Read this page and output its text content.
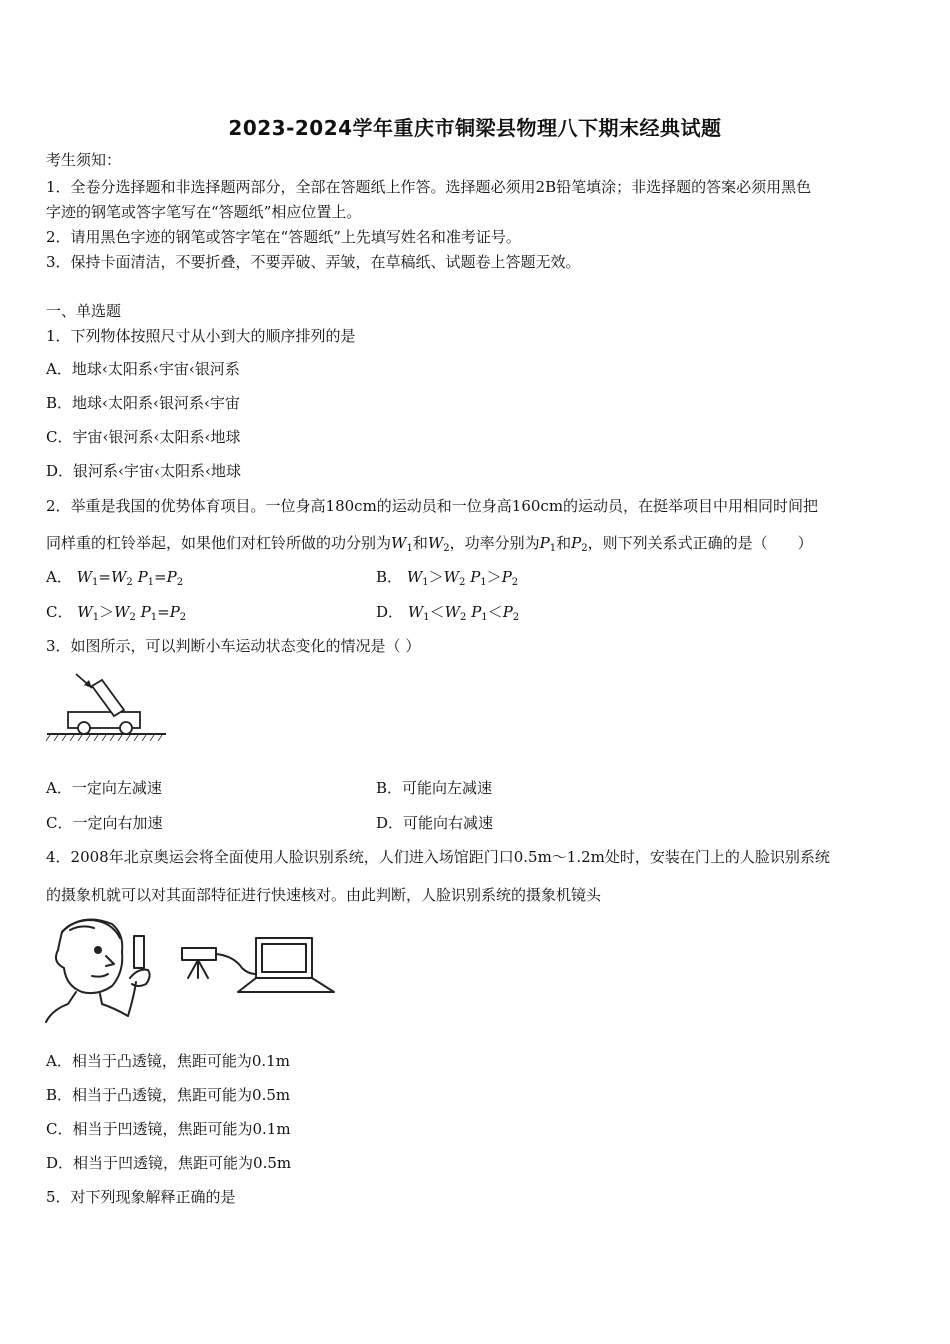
2023-2024学年重庆市铜梁县物理八下期末经典试题
考生须知：
1．全卷分选择题和非选择题两部分，全部在答题纸上作答。选择题必须用2B铅笔填涂；非选择题的答案必须用黑色
字迹的钢笔或答字笔写在“答题纸”相应位置上。
2．请用黑色字迹的钢笔或答字笔在“答题纸”上先填写姓名和准考证号。
3．保持卡面清洁，不要折叠，不要弄破、弄皱，在草稿纸、试题卷上答题无效。
一、单选题
1．下列物体按照尺寸从小到大的顺序排列的是
A．地球‹太阳系‹宇宙‹银河系
B．地球‹太阳系‹银河系‹宇宙
C．宇宙‹银河系‹太阳系‹地球
D．银河系‹宇宙‹太阳系‹地球
2．举重是我国的优势体育项目。一位身高180cm的运动员和一位身高160cm的运动员，在挺举项目中用相同时间把
同样重的杠铃举起，如果他们对杠铃所做的功分别为$W_1$和$W_2$，功率分别为$P_1$和$P_2$，则下列关系式正确的是（　　）
A． $W_1=W_2$ $P_1=P_2$	B． $W_1>W_2$ $P_1>P_2$
C． $W_1>W_2$ $P_1=P_2$	D． $W_1<W_2$ $P_1<P_2$
3．如图所示，可以判断小车运动状态变化的情况是（ ）
A．一定向左减速	B．可能向左减速
C．一定向右加速	D．可能向右减速
4．2008年北京奥运会将全面使用人脸识别系统，人们进入场馆距门口0.5m～1.2m处时，安装在门上的人脸识别系统
的摄象机就可以对其面部特征进行快速核对。由此判断，人脸识别系统的摄象机镜头
A．相当于凸透镜，焦距可能为0.1m
B．相当于凸透镜，焦距可能为0.5m
C．相当于凹透镜，焦距可能为0.1m
D．相当于凹透镜，焦距可能为0.5m
5．对下列现象解释正确的是
